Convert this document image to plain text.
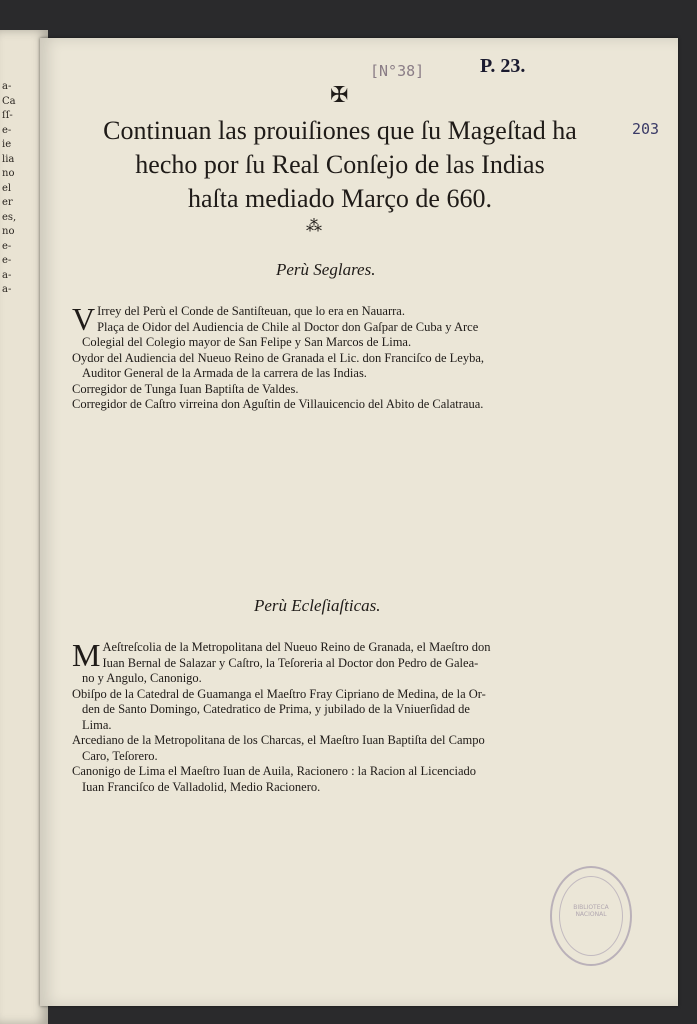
a-
Ca
ſſ-
e-
ie
lia
no
el
er
es,
no
e-
e-
a-
a-
[N°38]	P. 23.
203
✠
Continuan las prouiſiones que ſu Mageſtad ha
hecho por ſu Real Conſejo de las Indias
haſta mediado Março de 660.
⁂
Perù Seglares.
V Irrey del Perù el Conde de Santiſteuan, que lo era en Nauarra.
Plaça de Oidor del Audiencia de Chile al Doctor don Gaſpar de Cuba y Arce
Colegial del Colegio mayor de San Felipe y San Marcos de Lima.
Oydor del Audiencia del Nueuo Reino de Granada el Lic. don Franciſco de Leyba,
Auditor General de la Armada de la carrera de las Indias.
Corregidor de Tunga Iuan Baptiſta de Valdes.
Corregidor de Caſtro virreina don Aguſtin de Villauicencio del Abito de Calatraua.
Perù Ecleſiaſticas.
M Aeſtreſcolia de la Metropolitana del Nueuo Reino de Granada, el Maeſtro don
Iuan Bernal de Salazar y Caſtro, la Teſoreria al Doctor don Pedro de Galea-
no y Angulo, Canonigo.
Obiſpo de la Catedral de Guamanga el Maeſtro Fray Cipriano de Medina, de la Or-
den de Santo Domingo, Catedratico de Prima, y jubilado de la Vniuerſidad de
Lima.
Arcediano de la Metropolitana de los Charcas, el Maeſtro Iuan Baptiſta del Campo
Caro, Teſorero.
Canonigo de Lima el Maeſtro Iuan de Auila, Racionero : la Racion al Licenciado
Iuan Franciſco de Valladolid, Medio Racionero.
BIBLIOTECA NACIONAL
